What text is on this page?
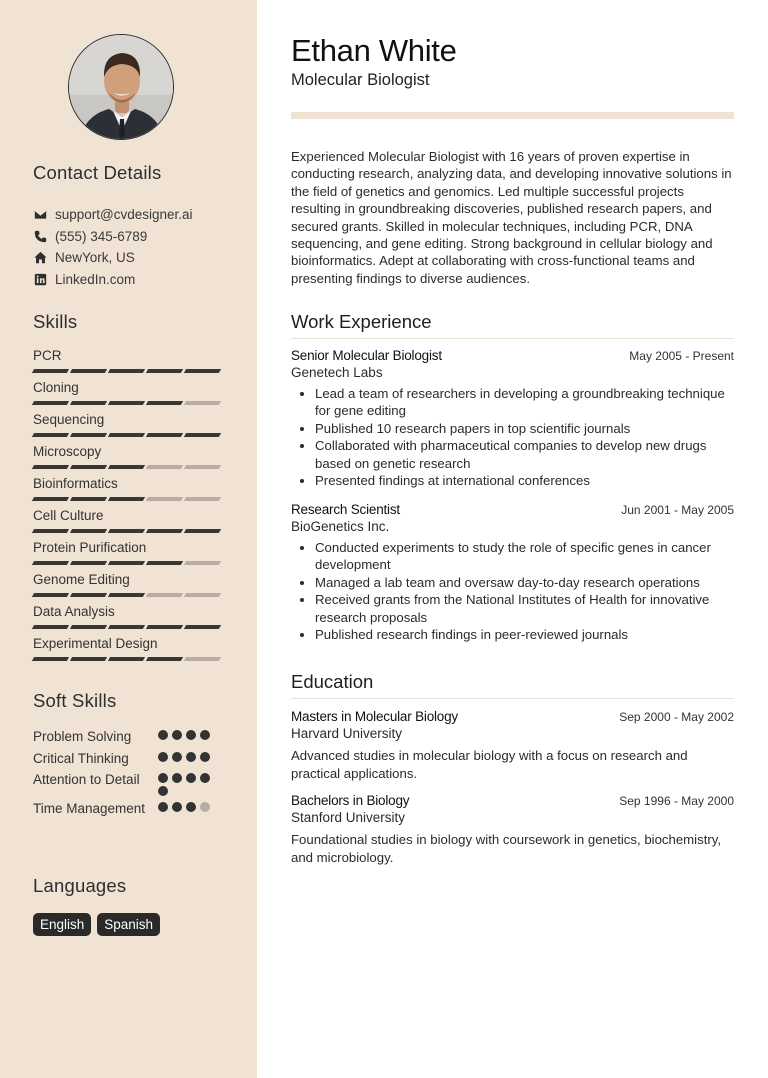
Contact Details
support@cvdesigner.ai
(555) 345-6789
NewYork, US
LinkedIn.com
Skills
PCR
Cloning
Sequencing
Microscopy
Bioinformatics
Cell Culture
Protein Purification
Genome Editing
Data Analysis
Experimental Design
Soft Skills
Problem Solving
Critical Thinking
Attention to Detail
Time Management
Languages
English	Spanish
Ethan White
Molecular Biologist

Experienced Molecular Biologist with 16 years of proven expertise in conducting research, analyzing data, and developing innovative solutions in the field of genetics and genomics. Led multiple successful projects resulting in groundbreaking discoveries, published research papers, and secured grants. Skilled in molecular techniques, including PCR, DNA sequencing, and gene editing. Strong background in cellular biology and bioinformatics. Adept at collaborating with cross-functional teams and presenting findings to diverse audiences.

Work Experience
Senior Molecular Biologist	May 2005 - Present
Genetech Labs
• Lead a team of researchers in developing a groundbreaking technique for gene editing
• Published 10 research papers in top scientific journals
• Collaborated with pharmaceutical companies to develop new drugs based on genetic research
• Presented findings at international conferences
Research Scientist	Jun 2001 - May 2005
BioGenetics Inc.
• Conducted experiments to study the role of specific genes in cancer development
• Managed a lab team and oversaw day-to-day research operations
• Received grants from the National Institutes of Health for innovative research proposals
• Published research findings in peer-reviewed journals
Education
Masters in Molecular Biology	Sep 2000 - May 2002
Harvard University

Advanced studies in molecular biology with a focus on research and practical applications.

Bachelors in Biology	Sep 1996 - May 2000
Stanford University

Foundational studies in biology with coursework in genetics, biochemistry, and microbiology.
